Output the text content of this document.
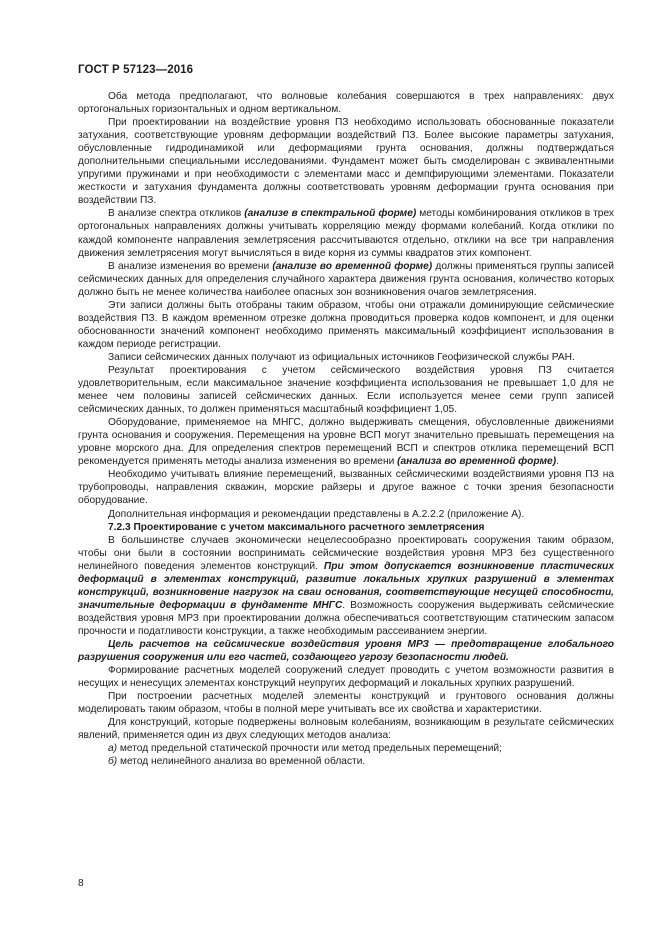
ГОСТ Р 57123—2016

Оба метода предполагают, что волновые колебания совершаются в трех направлениях: двух ортогональных горизонтальных и одном вертикальном.

При проектировании на воздействие уровня ПЗ необходимо использовать обоснованные показатели затухания, соответствующие уровням деформации воздействий ПЗ. Более высокие параметры затухания, обусловленные гидродинамикой или деформациями грунта основания, должны подтверждаться дополнительными специальными исследованиями. Фундамент может быть смоделирован с эквивалентными упругими пружинами и при необходимости с элементами масс и демпфирующими элементами. Показатели жесткости и затухания фундамента должны соответствовать уровням деформации грунта основания при воздействии ПЗ.

В анализе спектра откликов (анализе в спектральной форме) методы комбинирования откликов в трех ортогональных направлениях должны учитывать корреляцию между формами колебаний. Когда отклики по каждой компоненте направления землетрясения рассчитываются отдельно, отклики на все три направления движения землетрясения могут вычисляться в виде корня из суммы квадратов этих компонент.

В анализе изменения во времени (анализе во временной форме) должны применяться группы записей сейсмических данных для определения случайного характера движения грунта основания, количество которых должно быть не менее количества наиболее опасных зон возникновения очагов землетрясения.

Эти записи должны быть отобраны таким образом, чтобы они отражали доминирующие сейсмические воздействия ПЗ. В каждом временном отрезке должна проводиться проверка кодов компонент, и для оценки обоснованности значений компонент необходимо применять максимальный коэффициент использования в каждом периоде регистрации.

Записи сейсмических данных получают из официальных источников Геофизической службы РАН.

Результат проектирования с учетом сейсмического воздействия уровня ПЗ считается удовлетворительным, если максимальное значение коэффициента использования не превышает 1,0 для не менее чем половины записей сейсмических данных. Если используется менее семи групп записей сейсмических данных, то должен применяться масштабный коэффициент 1,05.

Оборудование, применяемое на МНГС, должно выдерживать смещения, обусловленные движениями грунта основания и сооружения. Перемещения на уровне ВСП могут значительно превышать перемещения на уровне морского дна. Для определения спектров перемещений ВСП и спектров отклика перемещений ВСП рекомендуется применять методы анализа изменения во времени (анализа во временной форме).

Необходимо учитывать влияние перемещений, вызванных сейсмическими воздействиями уровня ПЗ на трубопроводы, направления скважин, морские райзеры и другое важное с точки зрения безопасности оборудование.

Дополнительная информация и рекомендации представлены в А.2.2.2 (приложение А).

7.2.3 Проектирование с учетом максимального расчетного землетрясения

В большинстве случаев экономически нецелесообразно проектировать сооружения таким образом, чтобы они были в состоянии воспринимать сейсмические воздействия уровня МРЗ без существенного нелинейного поведения элементов конструкций. При этом допускается возникновение пластических деформаций в элементах конструкций, развитие локальных хрупких разрушений в элементах конструкций, возникновение нагрузок на сваи основания, соответствующие несущей способности, значительные деформации в фундаменте МНГС. Возможность сооружения выдерживать сейсмические воздействия уровня МРЗ при проектировании должна обеспечиваться соответствующим статическим запасом прочности и податливости конструкции, а также необходимым рассеиванием энергии.

Цель расчетов на сейсмические воздействия уровня МРЗ — предотвращение глобального разрушения сооружения или его частей, создающего угрозу безопасности людей.

Формирование расчетных моделей сооружений следует проводить с учетом возможности развития в несущих и ненесущих элементах конструкций неупругих деформаций и локальных хрупких разрушений.

При построении расчетных моделей элементы конструкций и грунтового основания должны моделировать таким образом, чтобы в полной мере учитывать все их свойства и характеристики.

Для конструкций, которые подвержены волновым колебаниям, возникающим в результате сейсмических явлений, применяется один из двух следующих методов анализа:

а) метод предельной статической прочности или метод предельных перемещений;

б) метод нелинейного анализа во временной области.

8
